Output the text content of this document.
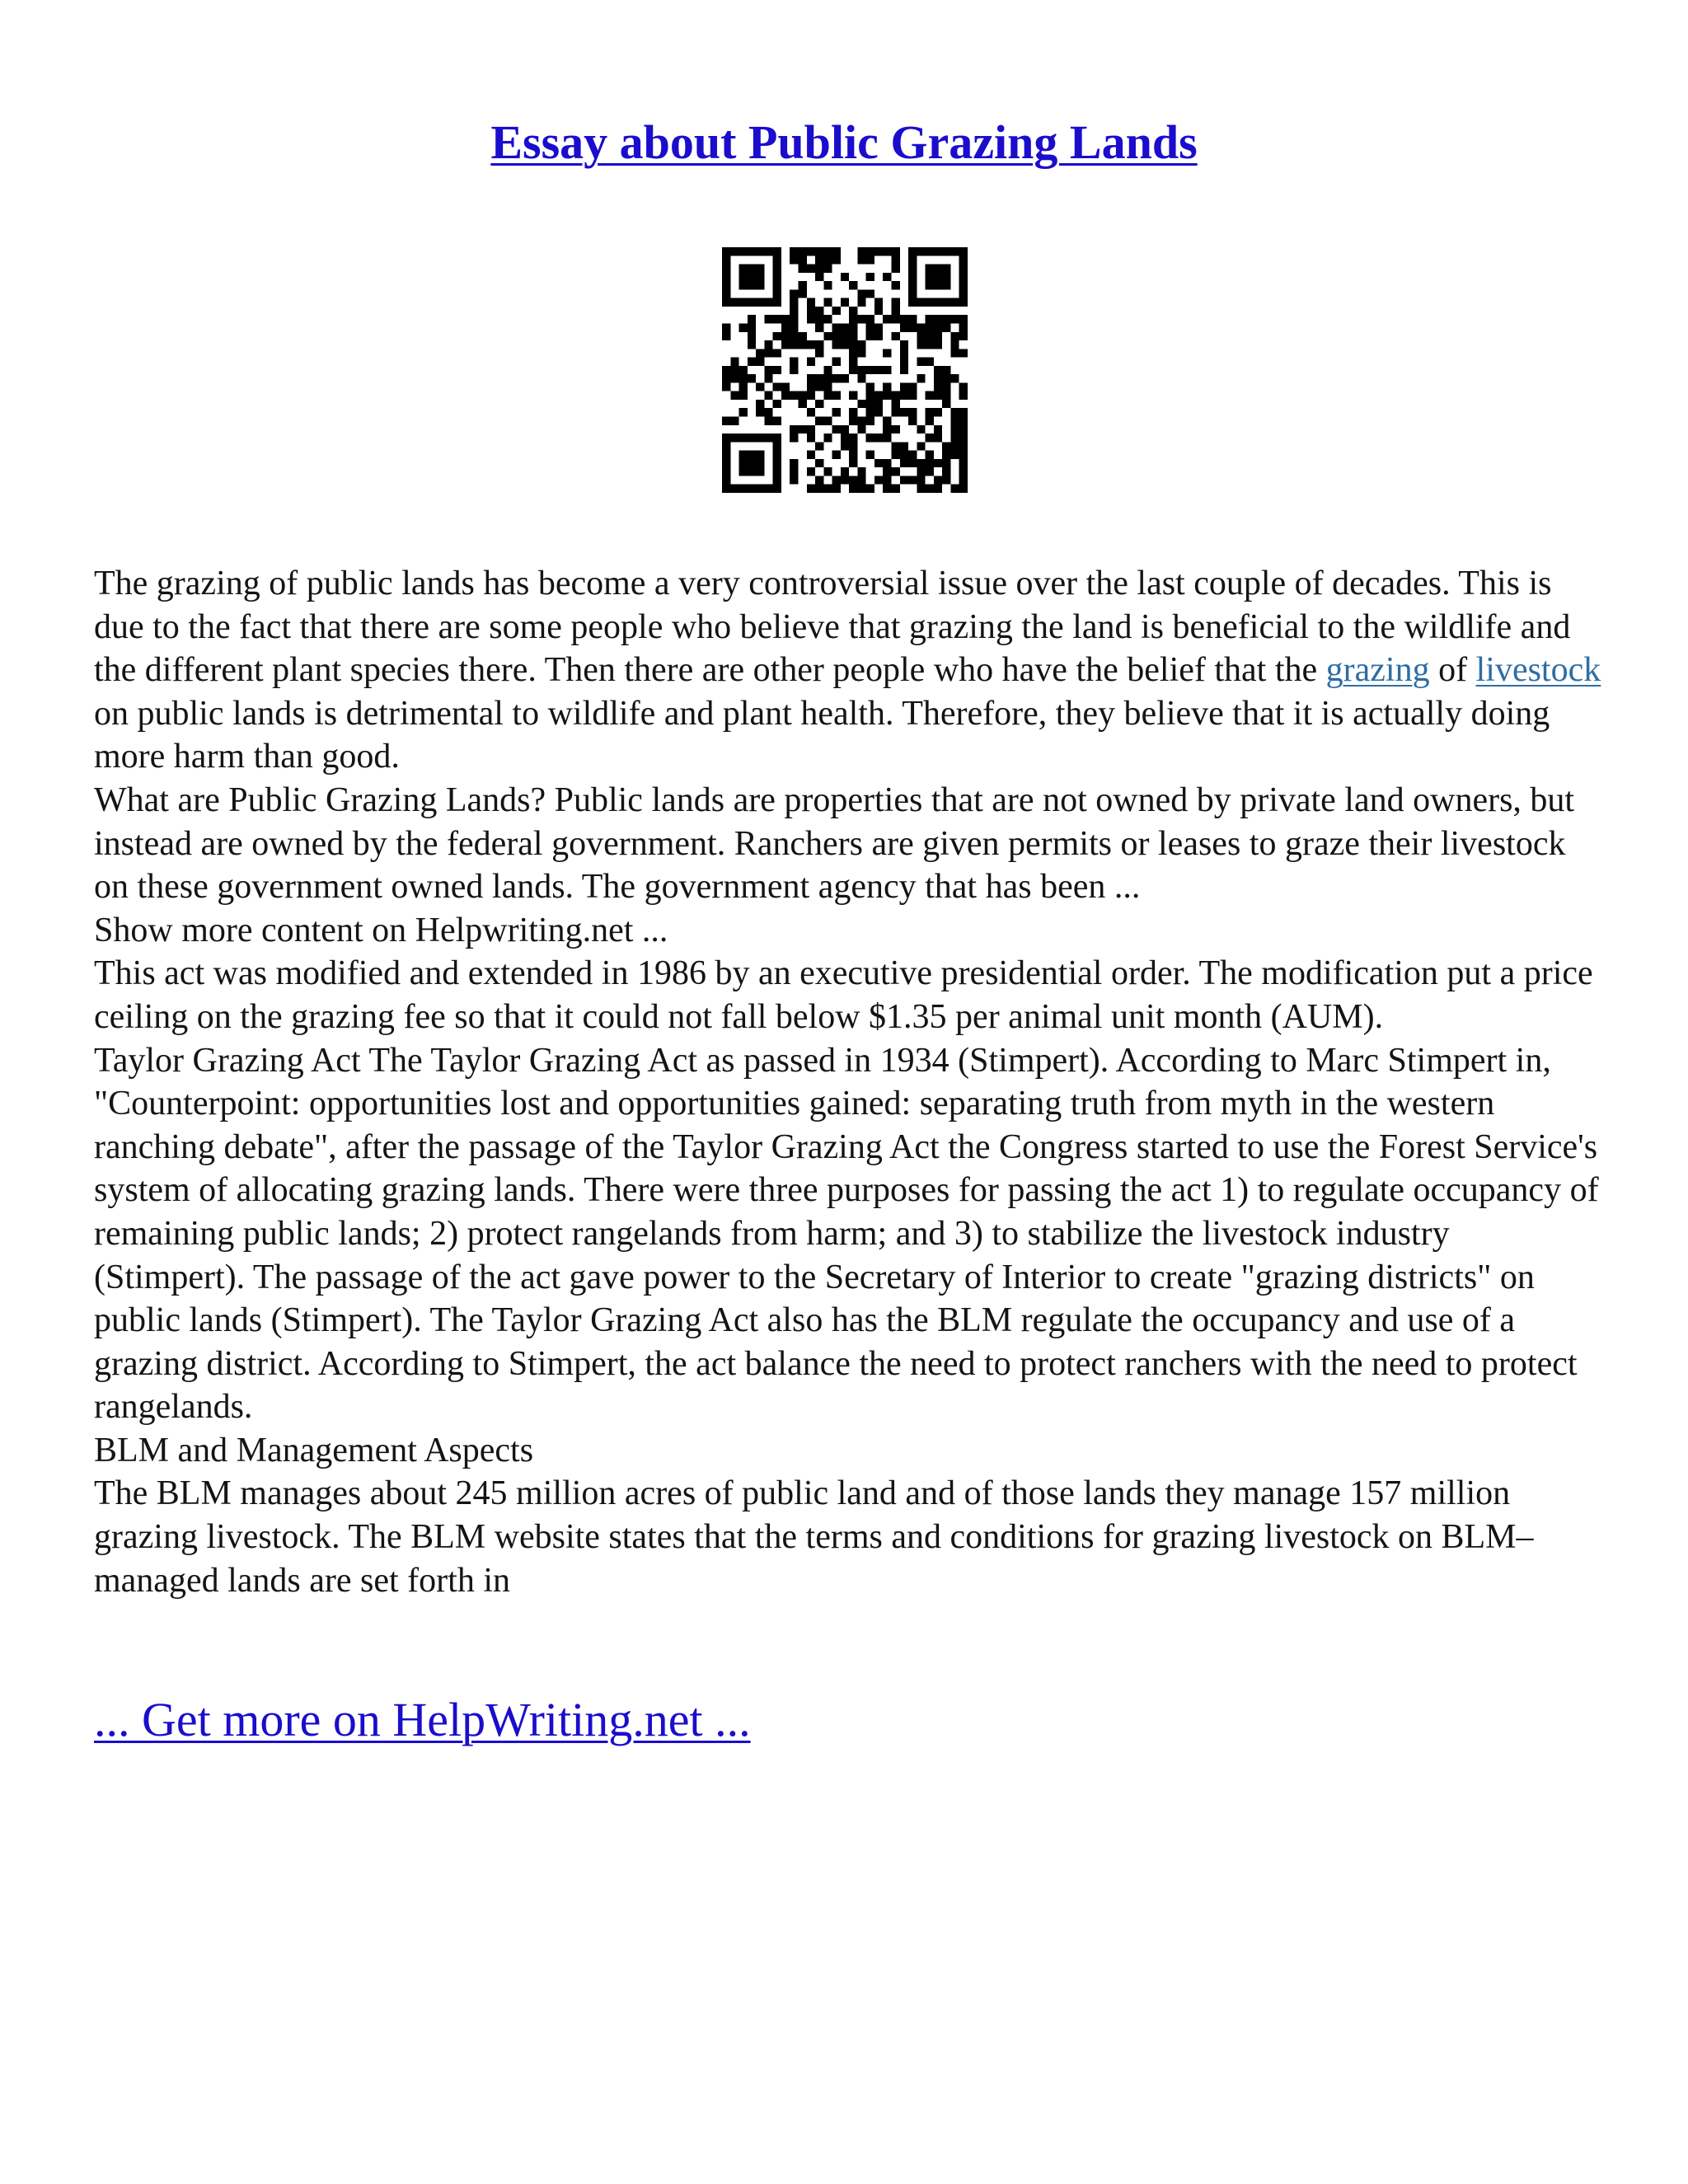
Essay about Public Grazing Lands

The grazing of public lands has become a very controversial issue over the last couple of decades. This is due to the fact that there are some people who believe that grazing the land is beneficial to the wildlife and the different plant species there. Then there are other people who have the belief that the grazing of livestock on public lands is detrimental to wildlife and plant health. Therefore, they believe that it is actually doing more harm than good.

What are Public Grazing Lands? Public lands are properties that are not owned by private land owners, but instead are owned by the federal government. Ranchers are given permits or leases to graze their livestock on these government owned lands. The government agency that has been ...

Show more content on Helpwriting.net ...

This act was modified and extended in 1986 by an executive presidential order. The modification put a price ceiling on the grazing fee so that it could not fall below $1.35 per animal unit month (AUM).

Taylor Grazing Act The Taylor Grazing Act as passed in 1934 (Stimpert). According to Marc Stimpert in, "Counterpoint: opportunities lost and opportunities gained: separating truth from myth in the western ranching debate", after the passage of the Taylor Grazing Act the Congress started to use the Forest Service's system of allocating grazing lands. There were three purposes for passing the act 1) to regulate occupancy of remaining public lands; 2) protect rangelands from harm; and 3) to stabilize the livestock industry (Stimpert). The passage of the act gave power to the Secretary of Interior to create "grazing districts" on public lands (Stimpert). The Taylor Grazing Act also has the BLM regulate the occupancy and use of a grazing district. According to Stimpert, the act balance the need to protect ranchers with the need to protect rangelands.

BLM and Management Aspects

The BLM manages about 245 million acres of public land and of those lands they manage 157 million grazing livestock. The BLM website states that the terms and conditions for grazing livestock on BLM–managed lands are set forth in

... Get more on HelpWriting.net ...
